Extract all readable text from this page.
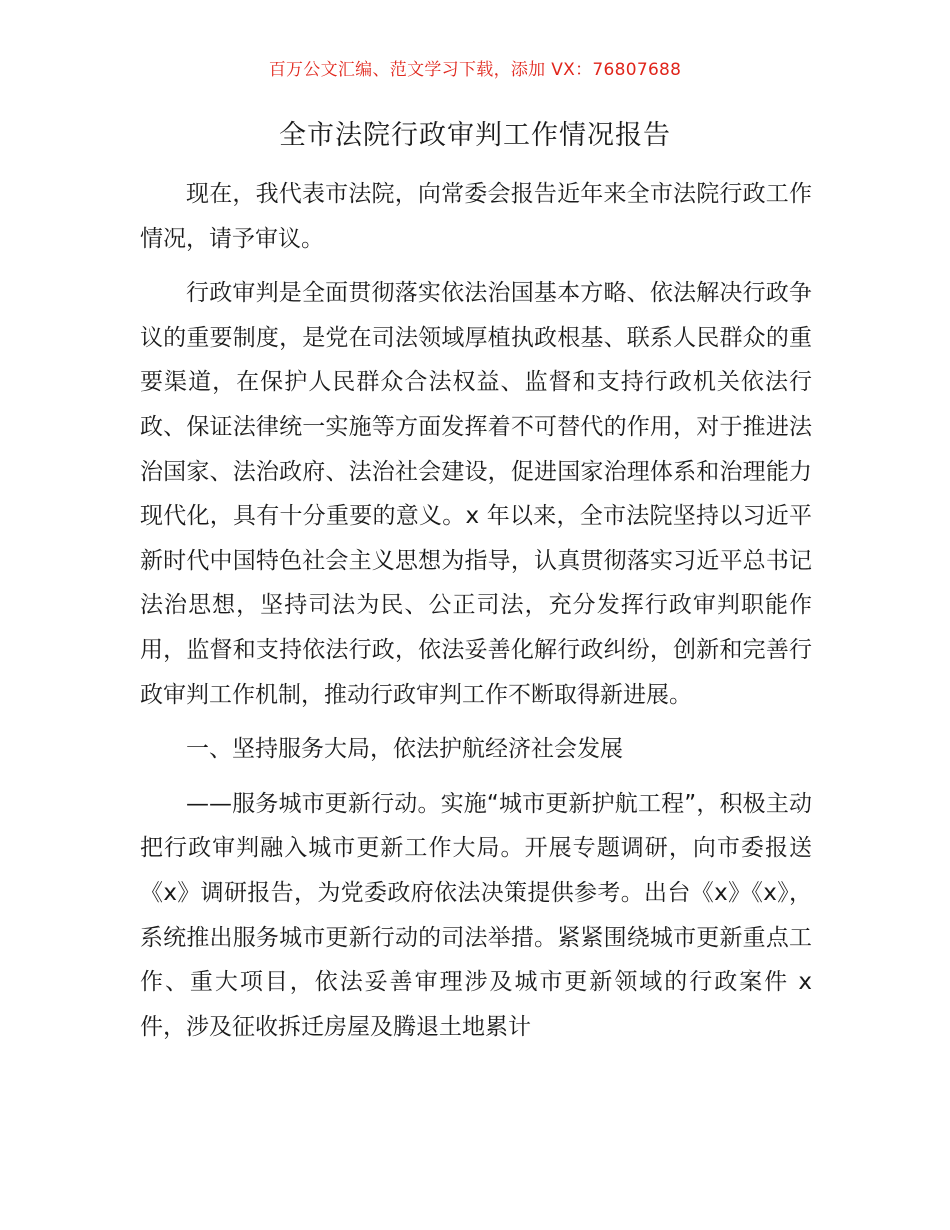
百万公文汇编、范文学习下载，添加 VX：76807688
全市法院行政审判工作情况报告

现在，我代表市法院，向常委会报告近年来全市法院行政工作情况，请予审议。

行政审判是全面贯彻落实依法治国基本方略、依法解决行政争议的重要制度，是党在司法领域厚植执政根基、联系人民群众的重要渠道，在保护人民群众合法权益、监督和支持行政机关依法行政、保证法律统一实施等方面发挥着不可替代的作用，对于推进法治国家、法治政府、法治社会建设，促进国家治理体系和治理能力现代化，具有十分重要的意义。x 年以来，全市法院坚持以习近平新时代中国特色社会主义思想为指导，认真贯彻落实习近平总书记法治思想，坚持司法为民、公正司法，充分发挥行政审判职能作用，监督和支持依法行政，依法妥善化解行政纠纷，创新和完善行政审判工作机制，推动行政审判工作不断取得新进展。

一、坚持服务大局，依法护航经济社会发展

——服务城市更新行动。实施“城市更新护航工程”，积极主动把行政审判融入城市更新工作大局。开展专题调研，向市委报送《x》调研报告，为党委政府依法决策提供参考。出台《x》《x》，系统推出服务城市更新行动的司法举措。紧紧围绕城市更新重点工作、重大项目，依法妥善审理涉及城市更新领域的行政案件 x 件，涉及征收拆迁房屋及腾退土地累计
